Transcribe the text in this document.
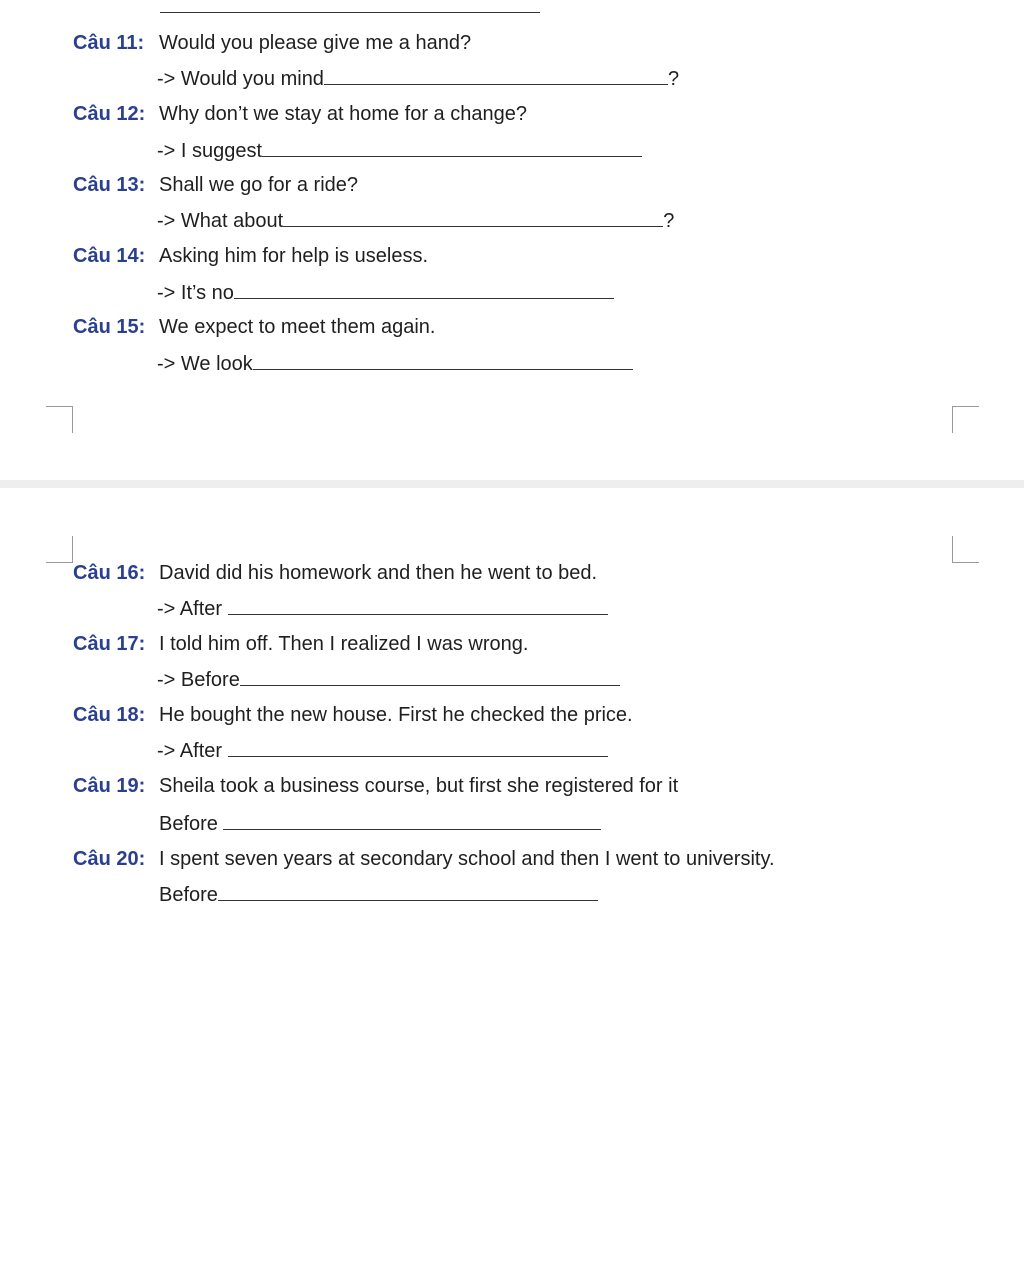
Câu 11: Would you please give me a hand?
-> Would you mind	?
Câu 12: Why don’t we stay at home for a change?
-> I suggest
Câu 13: Shall we go for a ride?
-> What about	?
Câu 14: Asking him for help is useless.
-> It’s no
Câu 15: We expect to meet them again.
-> We look
Câu 16: David did his homework and then he went to bed.
-> After
Câu 17: I told him off. Then I realized I was wrong.
-> Before
Câu 18: He bought the new house. First he checked the price.
-> After
Câu 19: Sheila took a business course, but first she registered for it
Before
Câu 20: I spent seven years at secondary school and then I went to university.
Before
